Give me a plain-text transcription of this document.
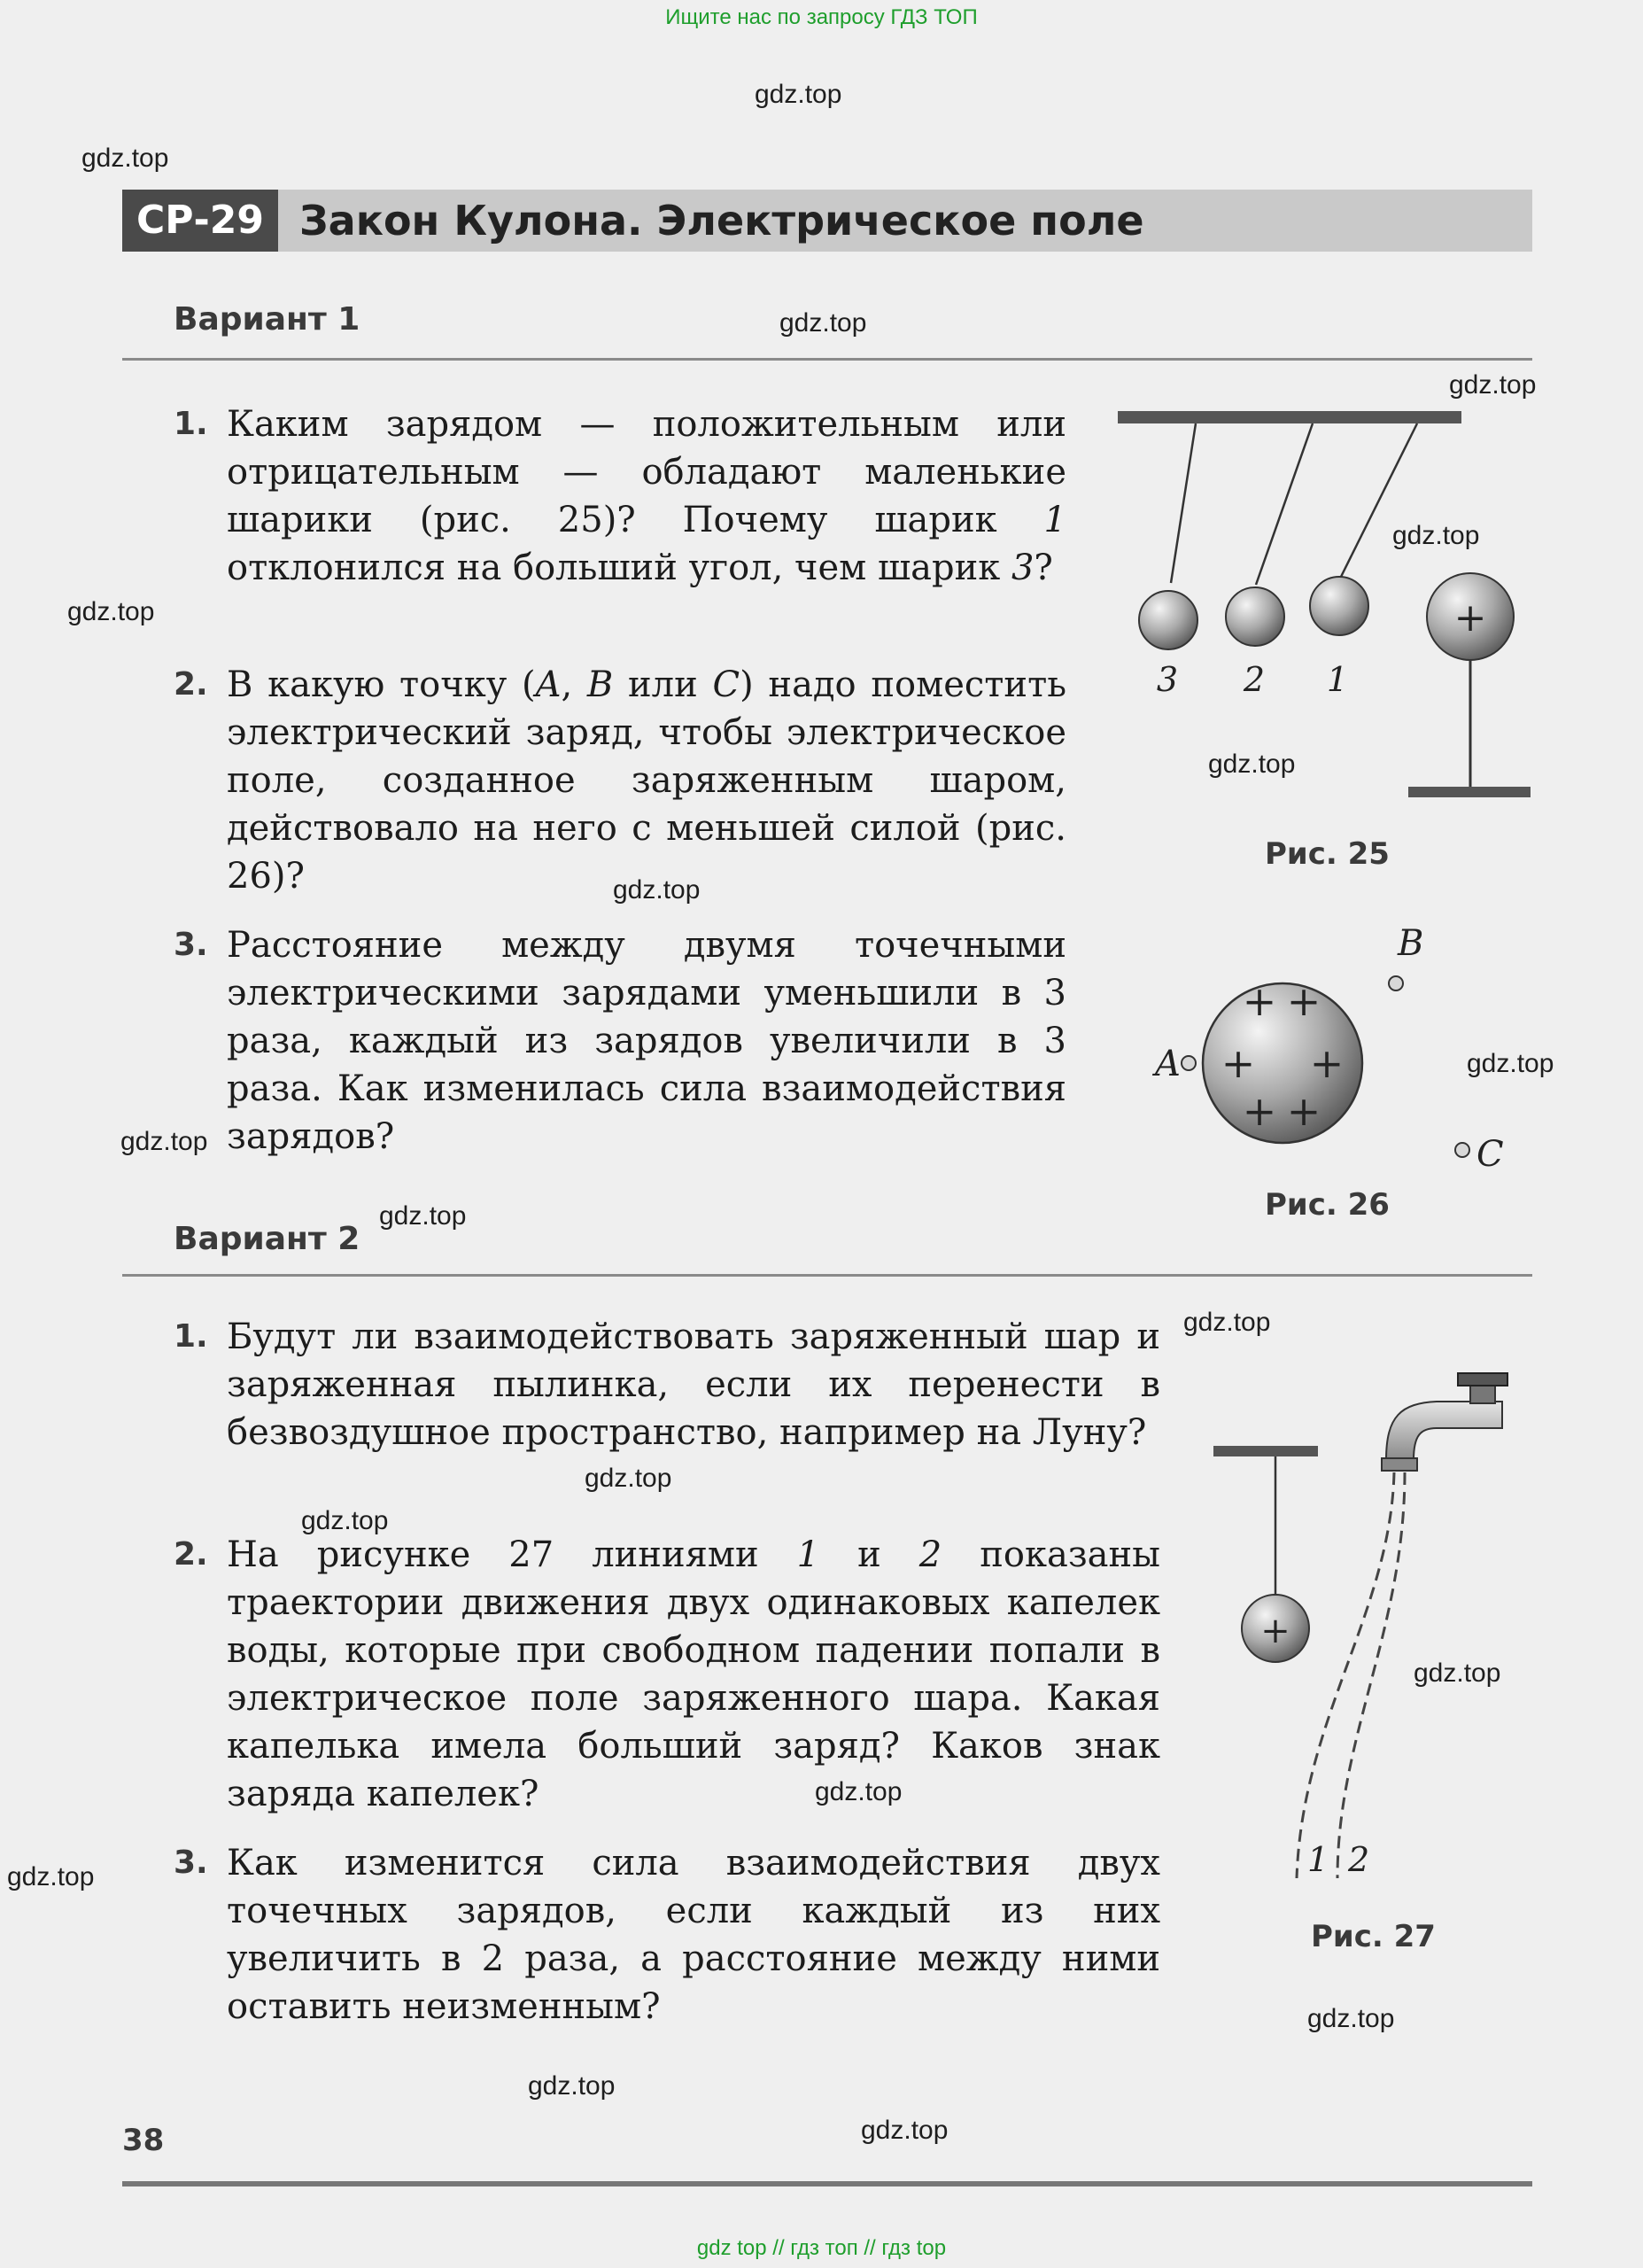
Ищите нас по запросу ГДЗ ТОП
gdz.top
gdz.top
gdz.top
gdz.top
gdz.top
gdz.top
gdz.top
gdz.top
gdz.top
gdz.top
gdz.top
gdz.top
gdz.top
gdz.top
gdz.top
gdz.top
gdz.top
gdz.top
gdz.top
gdz.top
СР-29 Закон Кулона. Электрическое поле
Вариант 1
1. Каким зарядом — положительным или отрицательным — обладают маленькие шарики (рис. 25)? Почему шарик 1 отклонился на больший угол, чем шарик 3?
2. В какую точку (A, B или C) надо поместить электрический заряд, чтобы электрическое поле, созданное заряженным шаром, действовало на него с меньшей силой (рис. 26)?
3. Расстояние между двумя точечными электрическими зарядами уменьшили в 3 раза, каждый из зарядов увеличили в 3 раза. Как изменилась сила взаимодействия зарядов?
+
3 2 1
Рис. 25
+ +
+ +
+ +
A
B
C
Рис. 26
Вариант 2
1. Будут ли взаимодействовать заряженный шар и заряженная пылинка, если их перенести в безвоздушное пространство, например на Луну?
2. На рисунке 27 линиями 1 и 2 показаны траектории движения двух одинаковых капелек воды, которые при свободном падении попали в электрическое поле заряженного шара. Какая капелька имела больший заряд? Каков знак заряда капелек?
3. Как изменится сила взаимодействия двух точечных зарядов, если каждый из них увеличить в 2 раза, а расстояние между ними оставить неизменным?
+
1 2
Рис. 27
38
gdz top // гдз топ // гдз top
